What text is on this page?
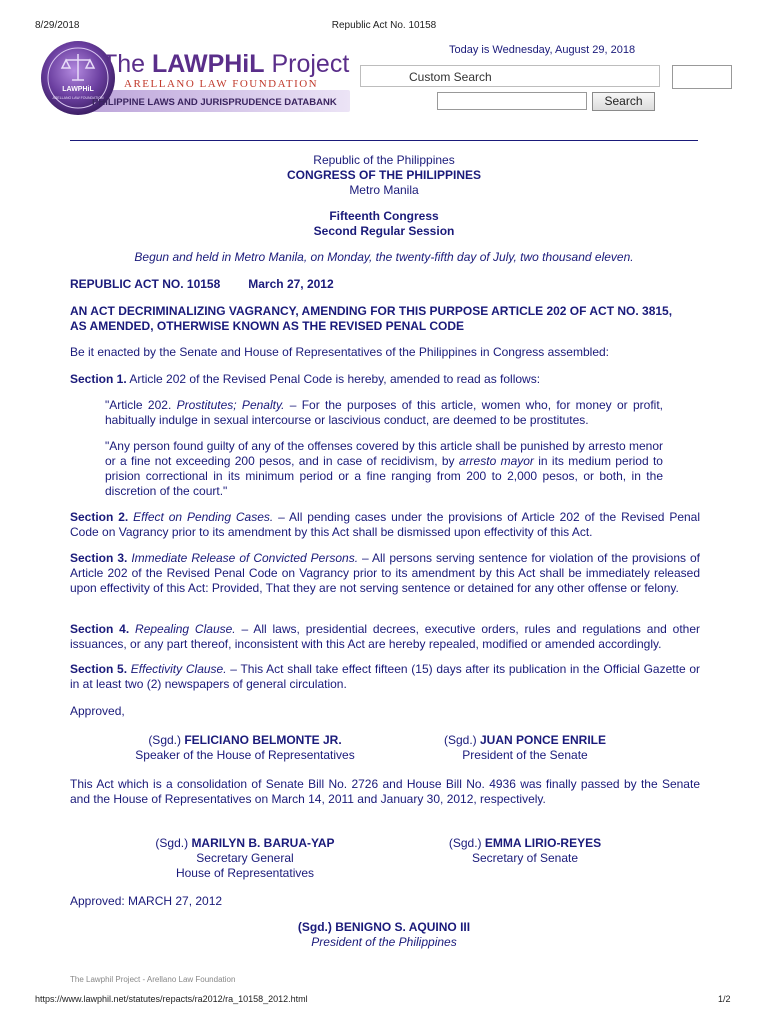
8/29/2018	Republic Act No. 10158
The LAWPHiL Project
ARELLANO LAW FOUNDATION
PHILIPPINE LAWS AND JURISPRUDENCE DATABANK
LAWPHiL
ARELLANO LAW FOUNDATION
Today is Wednesday, August 29, 2018
Custom Search
Search
Republic of the Philippines
CONGRESS OF THE PHILIPPINES
Metro Manila
Fifteenth Congress
Second Regular Session
Begun and held in Metro Manila, on Monday, the twenty-fifth day of July, two thousand eleven.
REPUBLIC ACT NO. 10158 March 27, 2012
AN ACT DECRIMINALIZING VAGRANCY, AMENDING FOR THIS PURPOSE ARTICLE 202 OF ACT NO. 3815,
AS AMENDED, OTHERWISE KNOWN AS THE REVISED PENAL CODE
Be it enacted by the Senate and House of Representatives of the Philippines in Congress assembled:
Section 1. Article 202 of the Revised Penal Code is hereby, amended to read as follows:
"Article 202. Prostitutes; Penalty. – For the purposes of this article, women who, for money or profit, habitually indulge in sexual intercourse or lascivious conduct, are deemed to be prostitutes.
"Any person found guilty of any of the offenses covered by this article shall be punished by arresto menor or a fine not exceeding 200 pesos, and in case of recidivism, by arresto mayor in its medium period to prision correctional in its minimum period or a fine ranging from 200 to 2,000 pesos, or both, in the discretion of the court."
Section 2. Effect on Pending Cases. – All pending cases under the provisions of Article 202 of the Revised Penal Code on Vagrancy prior to its amendment by this Act shall be dismissed upon effectivity of this Act.
Section 3. Immediate Release of Convicted Persons. – All persons serving sentence for violation of the provisions of Article 202 of the Revised Penal Code on Vagrancy prior to its amendment by this Act shall be immediately released upon effectivity of this Act: Provided, That they are not serving sentence or detained for any other offense or felony.
Section 4. Repealing Clause. – All laws, presidential decrees, executive orders, rules and regulations and other issuances, or any part thereof, inconsistent with this Act are hereby repealed, modified or amended accordingly.
Section 5. Effectivity Clause. – This Act shall take effect fifteen (15) days after its publication in the Official Gazette or in at least two (2) newspapers of general circulation.
Approved,
(Sgd.) FELICIANO BELMONTE JR.
Speaker of the House of Representatives
(Sgd.) JUAN PONCE ENRILE
President of the Senate
This Act which is a consolidation of Senate Bill No. 2726 and House Bill No. 4936 was finally passed by the Senate and the House of Representatives on March 14, 2011 and January 30, 2012, respectively.
(Sgd.) MARILYN B. BARUA-YAP
Secretary General
House of Representatives
(Sgd.) EMMA LIRIO-REYES
Secretary of Senate
Approved: MARCH 27, 2012
(Sgd.) BENIGNO S. AQUINO III
President of the Philippines
The Lawphil Project - Arellano Law Foundation
https://www.lawphil.net/statutes/repacts/ra2012/ra_10158_2012.html	1/2
